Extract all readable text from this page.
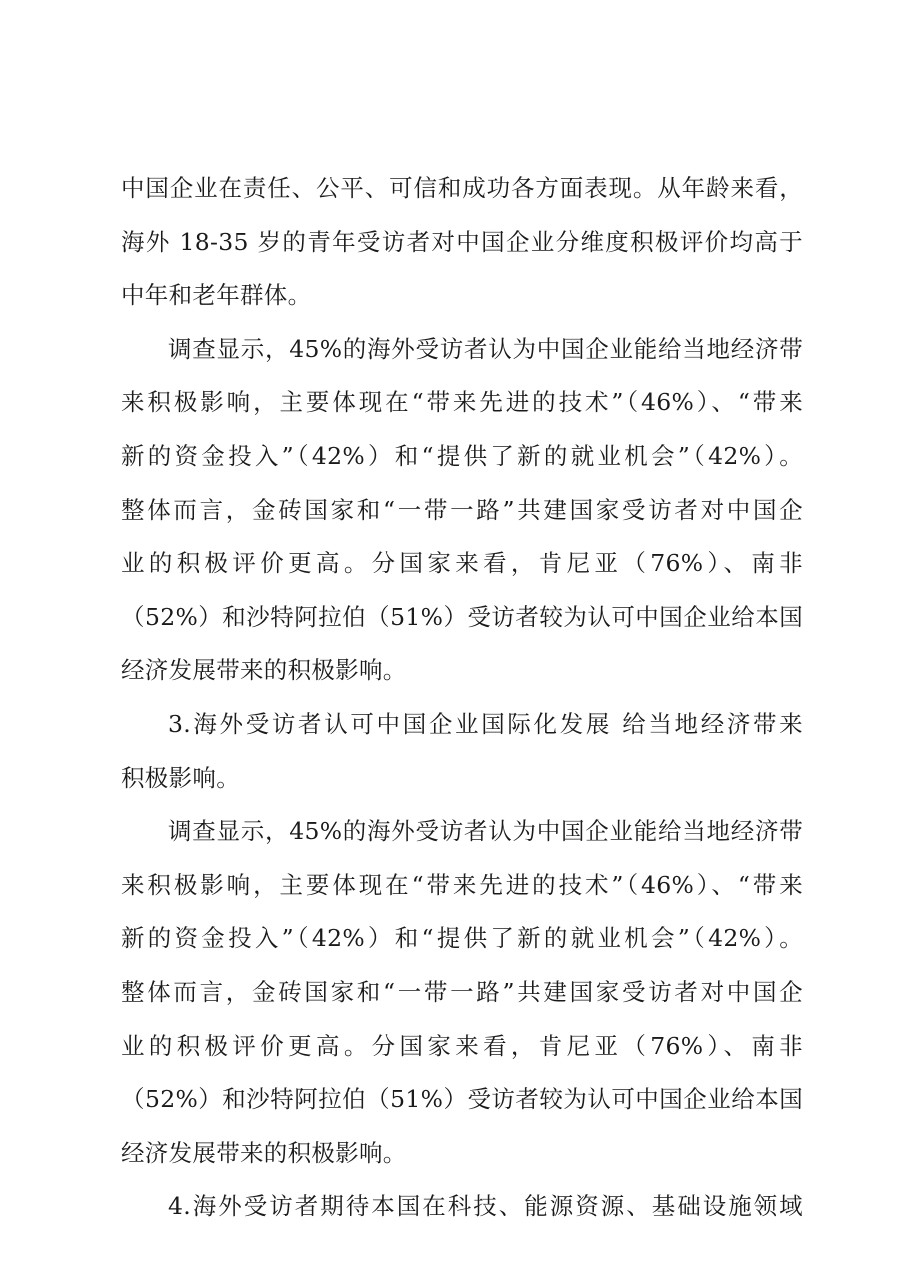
中国企业在责任、公平、可信和成功各方面表现。从年龄来看，
海外 18-35 岁的青年受访者对中国企业分维度积极评价均高于
中年和老年群体。
调查显示，45%的海外受访者认为中国企业能给当地经济带
来积极影响，主要体现在“带来先进的技术”（46%）、“带来
新的资金投入”（42%）和“提供了新的就业机会”（42%）。
整体而言，金砖国家和“一带一路”共建国家受访者对中国企
业的积极评价更高。分国家来看，肯尼亚（76%）、南非
（52%）和沙特阿拉伯（51%）受访者较为认可中国企业给本国
经济发展带来的积极影响。
3.海外受访者认可中国企业国际化发展 给当地经济带来
积极影响。
调查显示，45%的海外受访者认为中国企业能给当地经济带
来积极影响，主要体现在“带来先进的技术”（46%）、“带来
新的资金投入”（42%）和“提供了新的就业机会”（42%）。
整体而言，金砖国家和“一带一路”共建国家受访者对中国企
业的积极评价更高。分国家来看，肯尼亚（76%）、南非
（52%）和沙特阿拉伯（51%）受访者较为认可中国企业给本国
经济发展带来的积极影响。
4.海外受访者期待本国在科技、能源资源、基础设施领域
